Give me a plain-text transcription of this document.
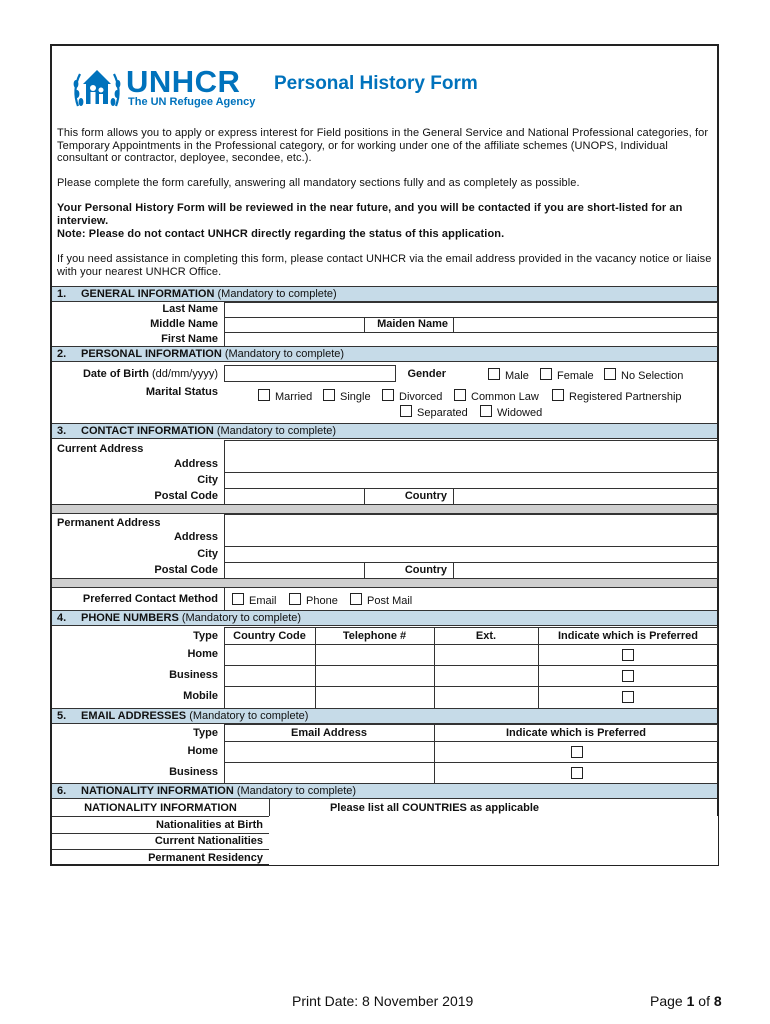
UNHCR
The UN Refugee Agency
Personal History Form
This form allows you to apply or express interest for Field positions in the General Service and National Professional categories, for Temporary Appointments in the Professional category, or for working under one of the affiliate schemes (UNOPS, Individual consultant or contractor, deployee, secondee, etc.).
Please complete the form carefully, answering all mandatory sections fully and as completely as possible.
Your Personal History Form will be reviewed in the near future, and you will be contacted if you are short-listed for an interview.
Note: Please do not contact UNHCR directly regarding the status of this application.
If you need assistance in completing this form, please contact UNHCR via the email address provided in the vacancy notice or liaise with your nearest UNHCR Office.
1. GENERAL INFORMATION (Mandatory to complete)
Last Name
Middle Name	Maiden Name
First Name
2. PERSONAL INFORMATION (Mandatory to complete)
Date of Birth (dd/mm/yyyy)	Gender	Male	Female	No Selection
Marital Status	Married	Single	Divorced	Common Law	Registered Partnership
Separated	Widowed
3. CONTACT INFORMATION (Mandatory to complete)
Current Address
Address
City
Postal Code	Country
Permanent Address
Address
City
Postal Code	Country
Preferred Contact Method	Email	Phone	Post Mail
4. PHONE NUMBERS (Mandatory to complete)
Type	Country Code	Telephone #	Ext.	Indicate which is Preferred
Home
Business
Mobile
5. EMAIL ADDRESSES (Mandatory to complete)
Type	Email Address	Indicate which is Preferred
Home
Business
6. NATIONALITY INFORMATION (Mandatory to complete)
NATIONALITY INFORMATION	Please list all COUNTRIES as applicable
Nationalities at Birth
Current Nationalities
Permanent Residency
Print Date: 8 November 2019	Page 1 of 8
